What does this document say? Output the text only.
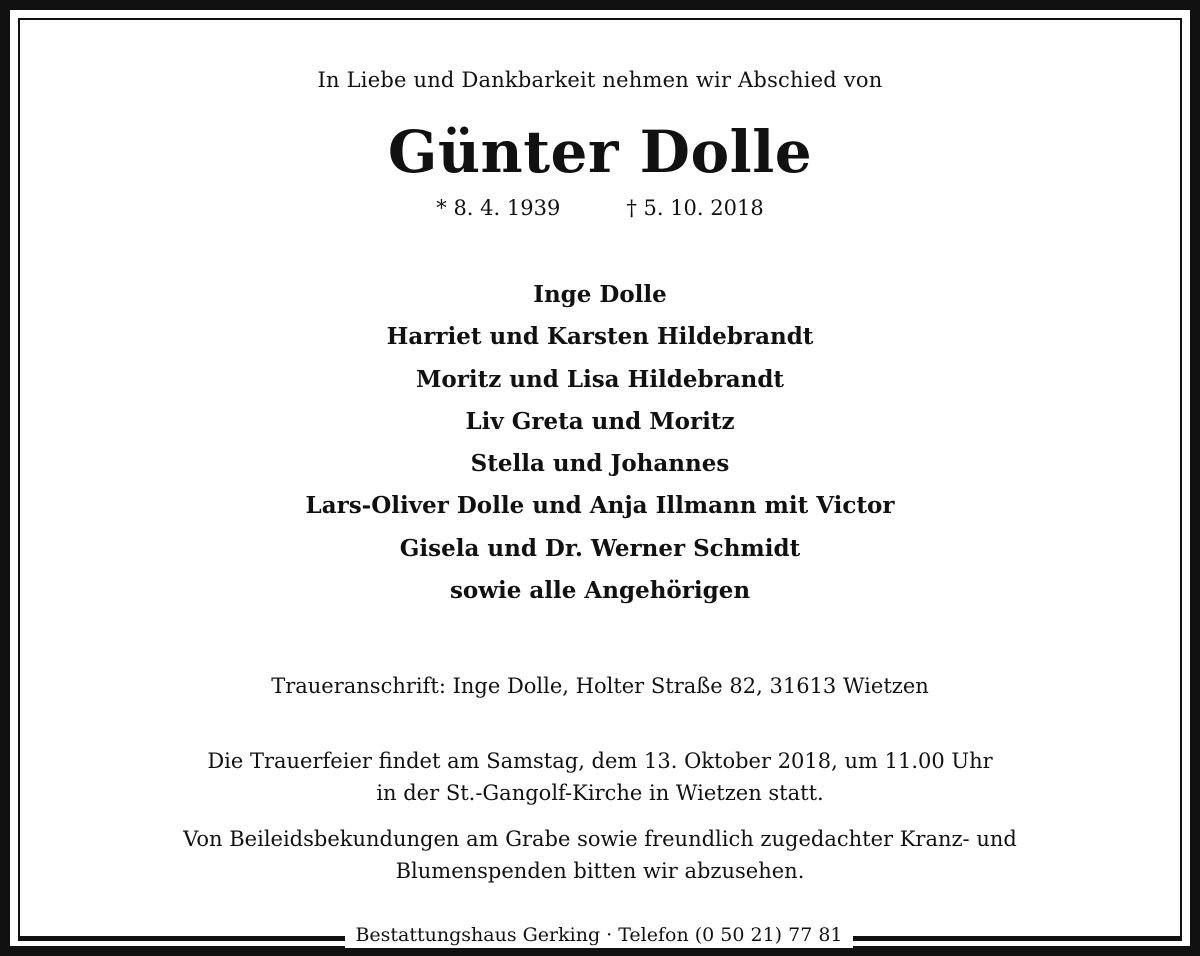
In Liebe und Dankbarkeit nehmen wir Abschied von
Günter Dolle
* 8. 4. 1939	† 5. 10. 2018
Inge Dolle
Harriet und Karsten Hildebrandt
Moritz und Lisa Hildebrandt
Liv Greta und Moritz
Stella und Johannes
Lars-Oliver Dolle und Anja Illmann mit Victor
Gisela und Dr. Werner Schmidt
sowie alle Angehörigen
Traueranschrift: Inge Dolle, Holter Straße 82, 31613 Wietzen
Die Trauerfeier findet am Samstag, dem 13. Oktober 2018, um 11.00 Uhr
in der St.-Gangolf-Kirche in Wietzen statt.
Von Beileidsbekundungen am Grabe sowie freundlich zugedachter Kranz- und
Blumenspenden bitten wir abzusehen.
Bestattungshaus Gerking · Telefon (0 50 21) 77 81
